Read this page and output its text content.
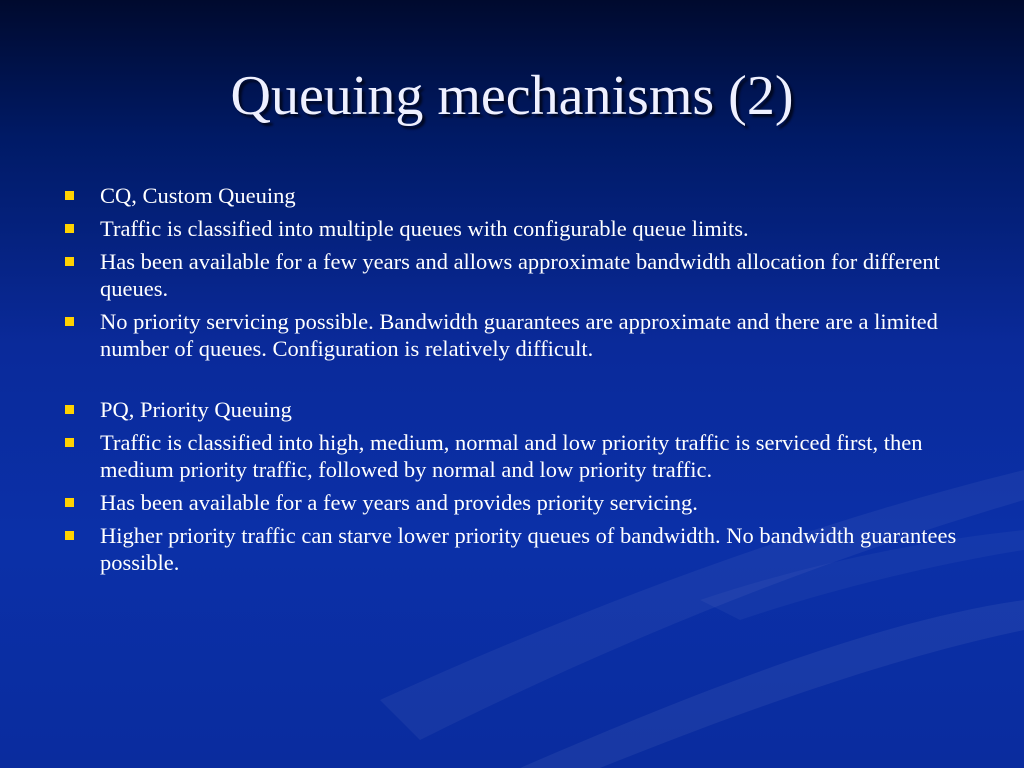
Queuing mechanisms (2)
CQ, Custom Queuing
Traffic is classified into multiple queues with configurable queue limits.
Has been available for a few years and allows approximate bandwidth allocation for different queues.
No priority servicing possible. Bandwidth guarantees are approximate and there are a limited number of queues. Configuration is relatively difficult.
PQ, Priority Queuing
Traffic is classified into high, medium, normal and low priority traffic is serviced first, then medium priority traffic, followed by normal and low priority traffic.
Has been available for a few years and provides priority servicing.
Higher priority traffic can starve lower priority queues of bandwidth. No bandwidth guarantees possible.
